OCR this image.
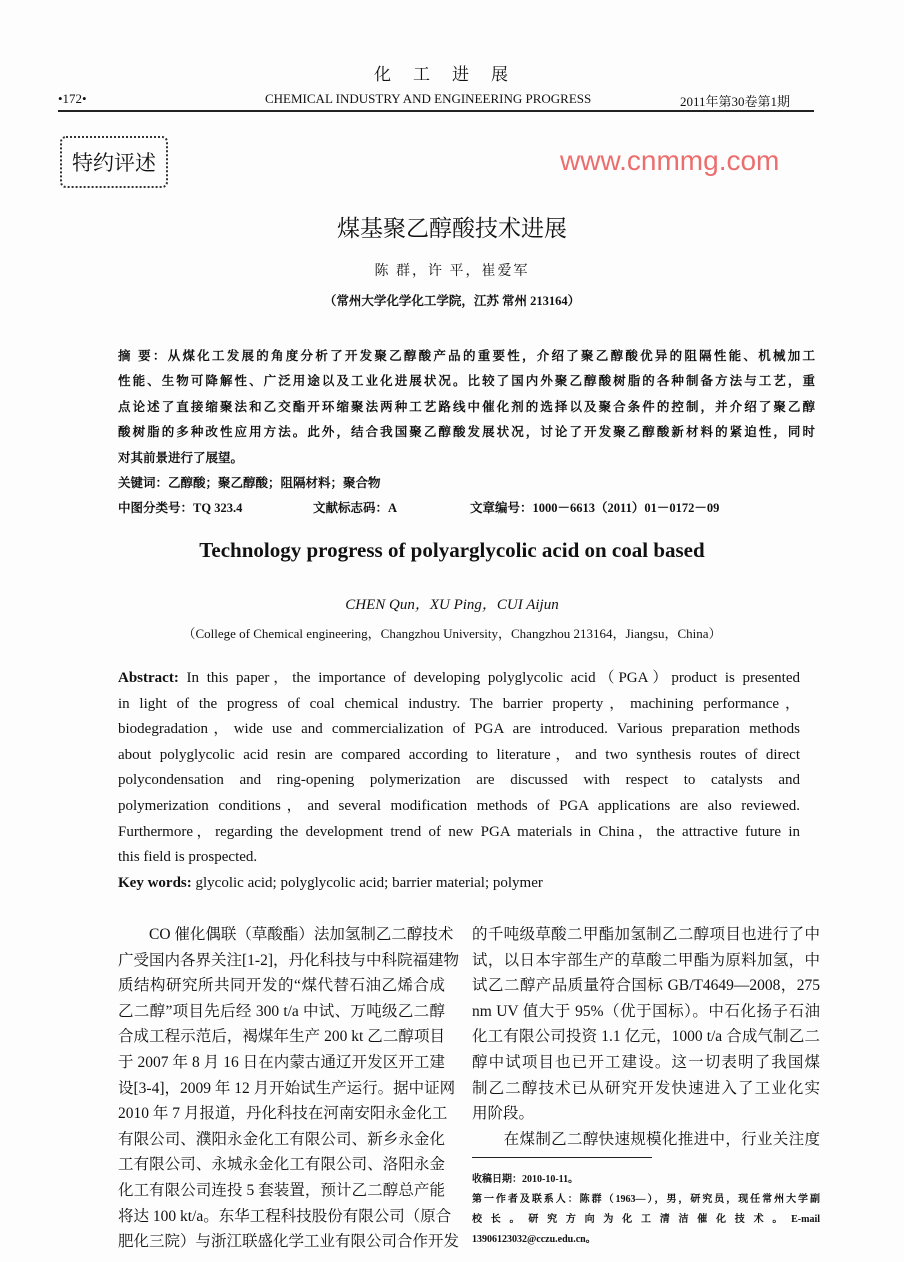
化工进展
•172•	CHEMICAL INDUSTRY AND ENGINEERING PROGRESS	2011年第30卷第1期
特约评述	www.cnmmg.com
煤基聚乙醇酸技术进展
陈 群，许 平，崔爱军
（常州大学化学化工学院，江苏 常州 213164）
摘 要：从煤化工发展的角度分析了开发聚乙醇酸产品的重要性，介绍了聚乙醇酸优异的阻隔性能、机械加工
性能、生物可降解性、广泛用途以及工业化进展状况。比较了国内外聚乙醇酸树脂的各种制备方法与工艺，重
点论述了直接缩聚法和乙交酯开环缩聚法两种工艺路线中催化剂的选择以及聚合条件的控制，并介绍了聚乙醇
酸树脂的多种改性应用方法。此外，结合我国聚乙醇酸发展状况，讨论了开发聚乙醇酸新材料的紧迫性，同时
对其前景进行了展望。
关键词：乙醇酸；聚乙醇酸；阻隔材料；聚合物
中图分类号：TQ 323.4	文献标志码：A	文章编号：1000－6613（2011）01－0172－09
Technology progress of polyarglycolic acid on coal based
CHEN Qun，XU Ping，CUI Aijun
（College of Chemical engineering，Changzhou University，Changzhou 213164，Jiangsu，China）
Abstract: In this paper，the importance of developing polyglycolic acid（PGA）product is presented
in light of the progress of coal chemical industry. The barrier property，machining performance，
biodegradation，wide use and commercialization of PGA are introduced. Various preparation methods
about polyglycolic acid resin are compared according to literature，and two synthesis routes of direct
polycondensation and ring-opening polymerization are discussed with respect to catalysts and
polymerization conditions，and several modification methods of PGA applications are also reviewed.
Furthermore，regarding the development trend of new PGA materials in China，the attractive future in
this field is prospected.
Key words: glycolic acid; polyglycolic acid; barrier material; polymer
　　CO 催化偶联（草酸酯）法加氢制乙二醇技术
广受国内各界关注[1-2]，丹化科技与中科院福建物
质结构研究所共同开发的“煤代替石油乙烯合成
乙二醇”项目先后经 300 t/a 中试、万吨级乙二醇
合成工程示范后，褐煤年生产 200 kt 乙二醇项目
于 2007 年 8 月 16 日在内蒙古通辽开发区开工建
设[3-4]，2009 年 12 月开始试生产运行。据中证网
2010 年 7 月报道，丹化科技在河南安阳永金化工
有限公司、濮阳永金化工有限公司、新乡永金化
工有限公司、永城永金化工有限公司、洛阳永金
化工有限公司连投 5 套装置，预计乙二醇总产能
将达 100 kt/a。东华工程科技股份有限公司（原合
肥化三院）与浙江联盛化学工业有限公司合作开发
的千吨级草酸二甲酯加氢制乙二醇项目也进行了中
试，以日本宇部生产的草酸二甲酯为原料加氢，中
试乙二醇产品质量符合国标 GB/T4649—2008，275
nm UV 值大于 95%（优于国标）。中石化扬子石油
化工有限公司投资 1.1 亿元，1000 t/a 合成气制乙二
醇中试项目也已开工建设。这一切表明了我国煤
制乙二醇技术已从研究开发快速进入了工业化实
用阶段。
　　在煤制乙二醇快速规模化推进中，行业关注度
收稿日期：2010-10-11。
第一作者及联系人：陈群（1963—），男，研究员，现任常州大学副
校长。研究方向为化工清洁催化技术。E-mail
13906123032@cczu.edu.cn。
